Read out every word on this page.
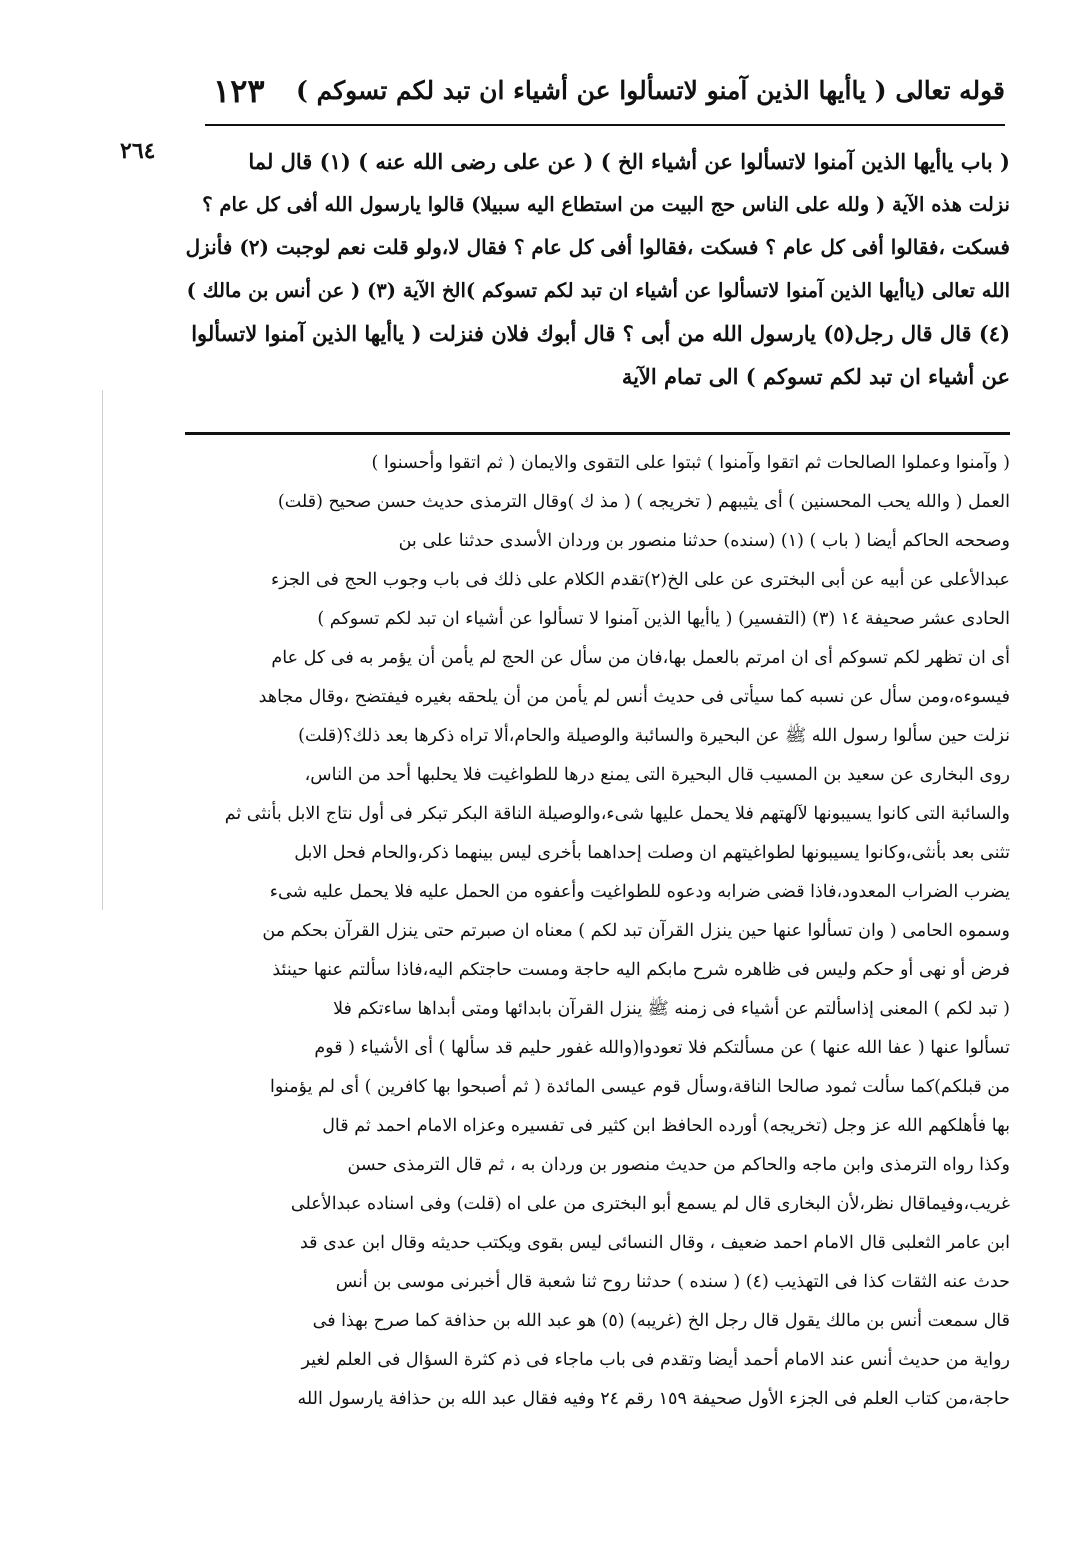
قوله تعالى ( ياأيها الذين آمنو لاتسألوا عن أشياء ان تبد لكم تسوكم )
١٢٣
٢٦٤	( باب ياأيها الذين آمنوا لاتسألوا عن أشياء الخ ) ( عن على رضى الله عنه ) (١) قال لما
نزلت هذه الآية ( ولله على الناس حج البيت من استطاع اليه سبيلا) قالوا يارسول الله أفى كل عام ؟
فسكت ،فقالوا أفى كل عام ؟ فسكت ،فقالوا أفى كل عام ؟ فقال لا،ولو قلت نعم لوجبت (٢) فأنزل
الله تعالى (ياأيها الذين آمنوا لاتسألوا عن أشياء ان تبد لكم تسوكم )الخ الآية (٣) ( عن أنس بن مالك )
(٤) قال قال رجل(٥) يارسول الله من أبى ؟ قال أبوك فلان فنزلت ( ياأيها الذين آمنوا لاتسألوا
عن أشياء ان تبد لكم تسوكم ) الى تمام الآية
( وآمنوا وعملوا الصالحات ثم اتقوا وآمنوا ) ثبتوا على التقوى والايمان ( ثم اتقوا وأحسنوا )
العمل ( والله يحب المحسنين ) أى يثيبهم ( تخريجه ) ( مذ ك )وقال الترمذى حديث حسن صحيح (قلت)
وصححه الحاكم أيضا ( باب ) (١) (سنده) حدثنا منصور بن وردان الأسدى حدثنا على بن
عبدالأعلى عن أبيه عن أبى البخترى عن على الخ(٢)تقدم الكلام على ذلك فى باب وجوب الحج فى الجزء
الحادى عشر صحيفة ١٤ (٣) (التفسير) ( ياأيها الذين آمنوا لا تسألوا عن أشياء ان تبد لكم تسوكم )
أى ان تظهر لكم تسوكم أى ان امرتم بالعمل بها،فان من سأل عن الحج لم يأمن أن يؤمر به فى كل عام
فيسوءه،ومن سأل عن نسبه كما سيأتى فى حديث أنس لم يأمن من أن يلحقه بغيره فيفتضح ،وقال مجاهد
نزلت حين سألوا رسول الله ﷺ عن البحيرة والسائبة والوصيلة والحام،ألا تراه ذكرها بعد ذلك؟(قلت)
روى البخارى عن سعيد بن المسيب قال البحيرة التى يمنع درها للطواغيت فلا يحلبها أحد من الناس،
والسائبة التى كانوا يسيبونها لآلهتهم فلا يحمل عليها شىء،والوصيلة الناقة البكر تبكر فى أول نتاج الابل بأنثى ثم
تثنى بعد بأنثى،وكانوا يسيبونها لطواغيتهم ان وصلت إحداهما بأخرى ليس بينهما ذكر،والحام فحل الابل
يضرب الضراب المعدود،فاذا قضى ضرابه ودعوه للطواغيت وأعفوه من الحمل عليه فلا يحمل عليه شىء
وسموه الحامى ( وان تسألوا عنها حين ينزل القرآن تبد لكم ) معناه ان صبرتم حتى ينزل القرآن بحكم من
فرض أو نهى أو حكم وليس فى ظاهره شرح مابكم اليه حاجة ومست حاجتكم اليه،فاذا سألتم عنها حينئذ
( تبد لكم ) المعنى إذاسألتم عن أشياء فى زمنه ﷺ ينزل القرآن بابدائها ومتى أبداها ساءتكم فلا
تسألوا عنها ( عفا الله عنها ) عن مسألتكم فلا تعودوا(والله غفور حليم قد سألها ) أى الأشياء ( قوم
من قبلكم)كما سألت ثمود صالحا الناقة،وسأل قوم عيسى المائدة ( ثم أصبحوا بها كافرين ) أى لم يؤمنوا
بها فأهلكهم الله عز وجل (تخريجه) أورده الحافظ ابن كثير فى تفسيره وعزاه الامام احمد ثم قال
وكذا رواه الترمذى وابن ماجه والحاكم من حديث منصور بن وردان به ، ثم قال الترمذى حسن
غريب،وفيماقال نظر،لأن البخارى قال لم يسمع أبو البخترى من على اه (قلت) وفى اسناده عبدالأعلى
ابن عامر الثعلبى قال الامام احمد ضعيف ، وقال النسائى ليس بقوى ويكتب حديثه وقال ابن عدى قد
حدث عنه الثقات كذا فى التهذيب (٤) ( سنده ) حدثنا روح ثنا شعبة قال أخبرنى موسى بن أنس
قال سمعت أنس بن مالك يقول قال رجل الخ (غريبه) (٥) هو عبد الله بن حذافة كما صرح بهذا فى
رواية من حديث أنس عند الامام أحمد أيضا وتقدم فى باب ماجاء فى ذم كثرة السؤال فى العلم لغير
حاجة،من كتاب العلم فى الجزء الأول صحيفة ١٥٩ رقم ٢٤ وفيه فقال عبد الله بن حذافة يارسول الله
